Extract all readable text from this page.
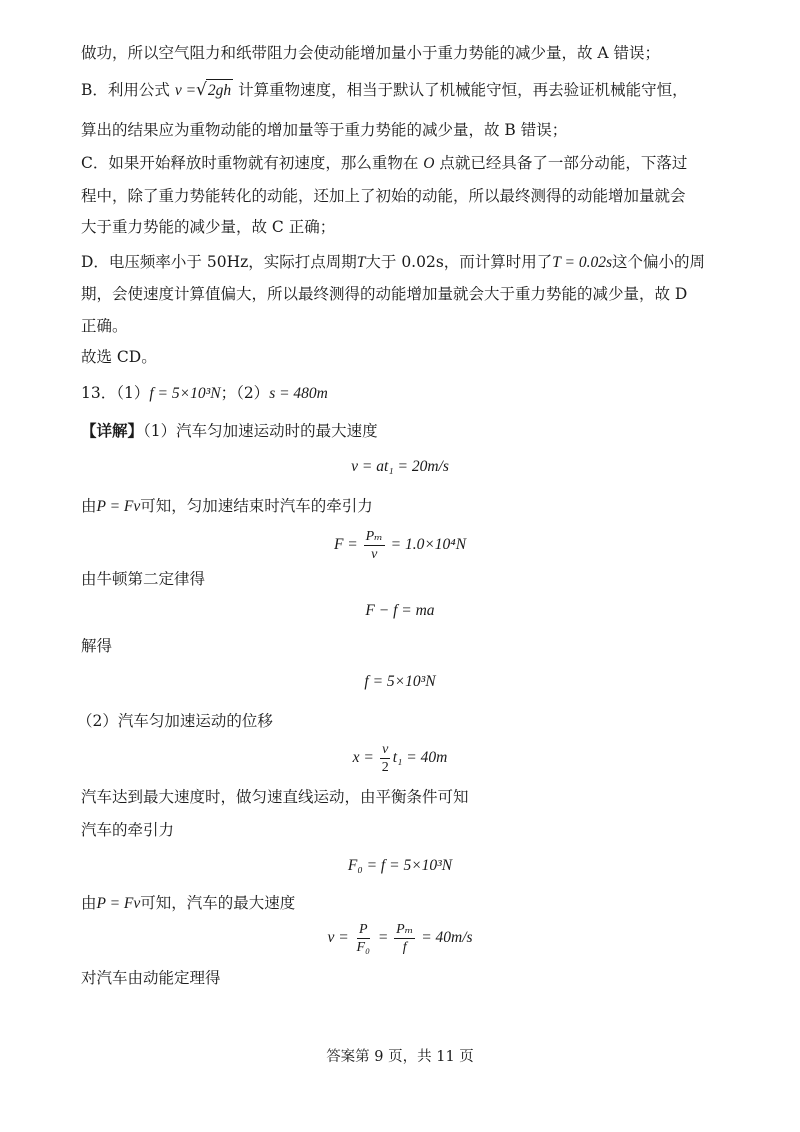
做功，所以空气阻力和纸带阻力会使动能增加量小于重力势能的减少量，故 A 错误；
B．利用公式 v =√2gh 计算重物速度，相当于默认了机械能守恒，再去验证机械能守恒，
算出的结果应为重物动能的增加量等于重力势能的减少量，故 B 错误；
C．如果开始释放时重物就有初速度，那么重物在 O 点就已经具备了一部分动能，下落过
程中，除了重力势能转化的动能，还加上了初始的动能，所以最终测得的动能增加量就会
大于重力势能的减少量，故 C 正确；
D．电压频率小于 50Hz，实际打点周期T大于 0.02s，而计算时用了T = 0.02s这个偏小的周
期，会使速度计算值偏大，所以最终测得的动能增加量就会大于重力势能的减少量，故 D
正确。
故选 CD。
13．（1）f = 5×10³N；（2）s = 480m
【详解】（1）汽车匀加速运动时的最大速度
v = at₁ = 20m/s
由P = Fv可知，匀加速结束时汽车的牵引力
$F = \frac{\text{Pₘ}}{v} = 1.0\times 10^4N$
由牛顿第二定律得
F − f = ma
解得
f = 5×10³N
（2）汽车匀加速运动的位移
$x = \frac{v}{2} t_1 = 40m$
汽车达到最大速度时，做匀速直线运动，由平衡条件可知
汽车的牵引力
F₀ = f = 5×10³N
由P = Fv可知，汽车的最大速度
$v = \frac{P}{\text{F₀}} = \frac{\text{Pₘ}}{f} = 40m/s$
对汽车由动能定理得
答案第 9 页，共 11 页
